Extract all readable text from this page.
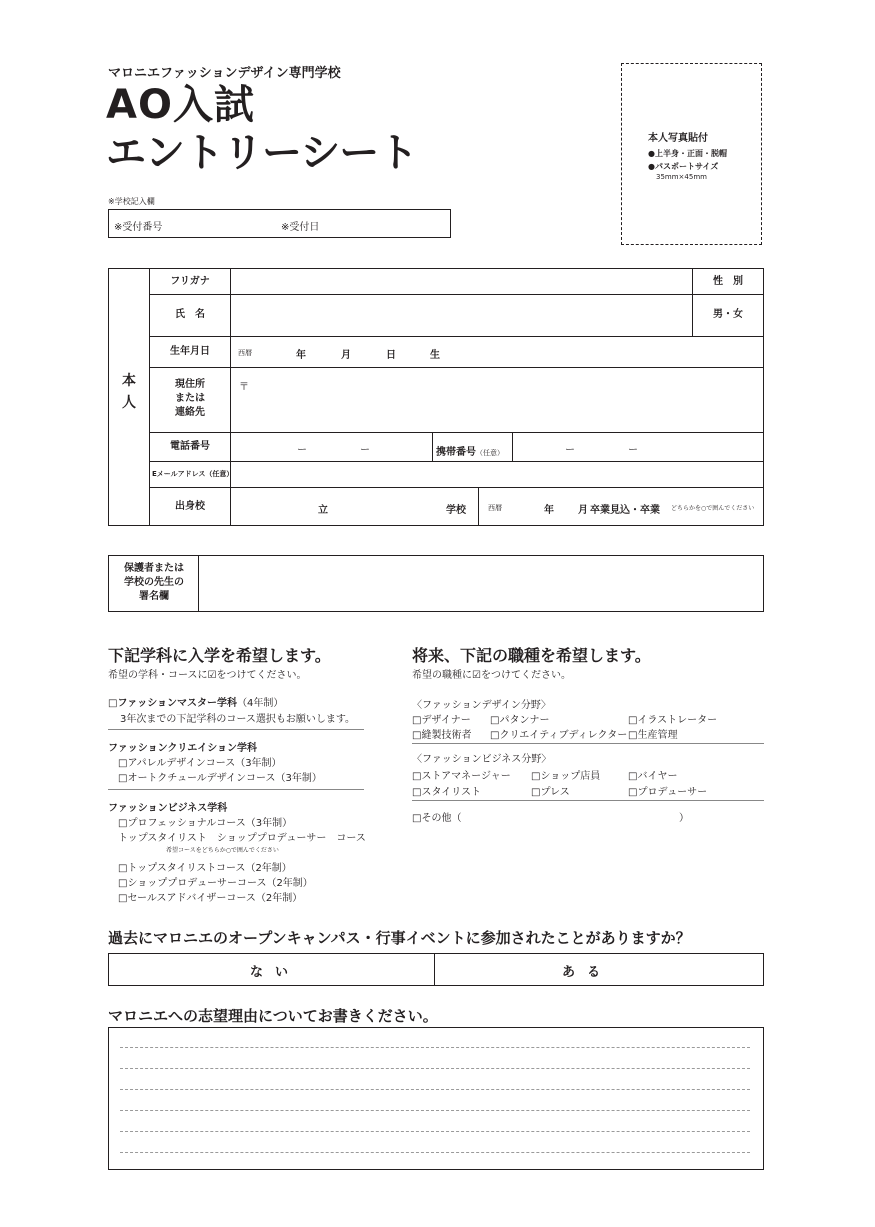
マロニエファッションデザイン専門学校
AO入試
エントリーシート
※学校記入欄
※受付番号	※受付日
本人写真貼付
●上半身・正面・脱帽
●パスポートサイズ
35mm×45mm
本
人
フリガナ	性　別
氏　名	男・女
生年月日	西暦	年	月	日	生
現住所
または
連絡先
〒
電話番号	ー	ー	携帯番号（任意）	ー	ー
Eメールアドレス（任意）
出身校	立	学校	西暦	年 月 卒業見込・卒業 どちらかを○で囲んでください
保護者または
学校の先生の
署名欄
下記学科に入学を希望します。
希望の学科・コースに☑をつけてください。
□ファッションマスター学科（4年制）
3年次までの下記学科のコース選択もお願いします。
ファッションクリエイション学科
□アパレルデザインコース（3年制）
□オートクチュールデザインコース（3年制）
ファッションビジネス学科
□プロフェッショナルコース（3年制）
トップスタイリスト　ショッププロデューサー　コース
希望コースをどちらか○で囲んでください
□トップスタイリストコース（2年制）
□ショッププロデューサーコース（2年制）
□セールスアドバイザーコース（2年制）
将来、下記の職種を希望します。
希望の職種に☑をつけてください。
〈ファッションデザイン分野〉
□デザイナー □パタンナー	□イラストレーター
□縫製技術者 □クリエイティブディレクター □生産管理
〈ファッションビジネス分野〉
□ストアマネージャー □ショップ店員	□バイヤー
□スタイリスト	□プレス	□プロデューサー
□その他（	）
過去にマロニエのオープンキャンパス・行事イベントに参加されたことがありますか？
ない	ある
マロニエへの志望理由についてお書きください。
